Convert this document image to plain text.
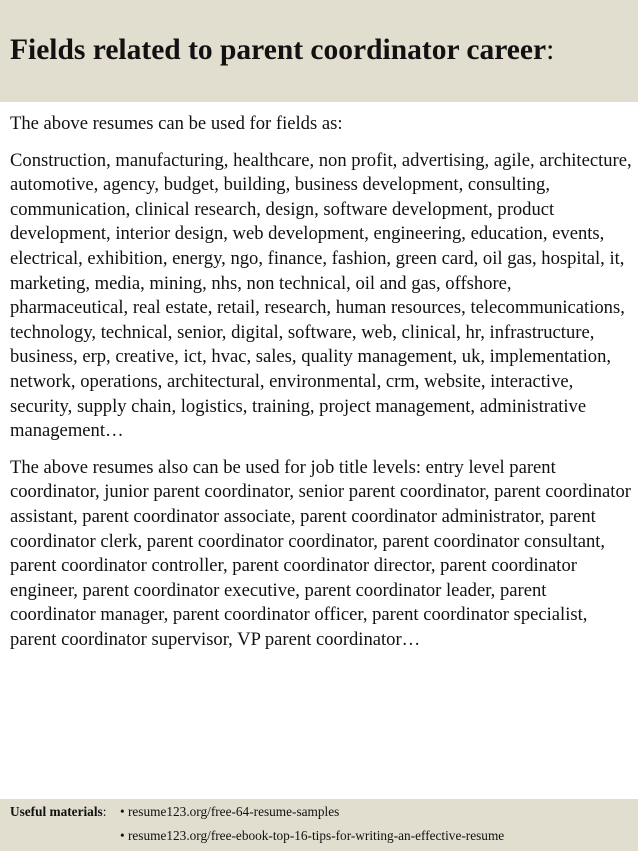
Fields related to parent coordinator career:

The above resumes can be used for fields as:

Construction, manufacturing, healthcare, non profit, advertising, agile, architecture, automotive, agency, budget, building, business development, consulting, communication, clinical research, design, software development, product development, interior design, web development, engineering, education, events, electrical, exhibition, energy, ngo, finance, fashion, green card, oil gas, hospital, it, marketing, media, mining, nhs, non technical, oil and gas, offshore, pharmaceutical, real estate, retail, research, human resources, telecommunications, technology, technical, senior, digital, software, web, clinical, hr, infrastructure, business, erp, creative, ict, hvac, sales, quality management, uk, implementation, network, operations, architectural, environmental, crm, website, interactive, security, supply chain, logistics, training, project management, administrative management…

The above resumes also can be used for job title levels: entry level parent coordinator, junior parent coordinator, senior parent coordinator, parent coordinator assistant, parent coordinator associate, parent coordinator administrator, parent coordinator clerk, parent coordinator coordinator, parent coordinator consultant, parent coordinator controller, parent coordinator director, parent coordinator engineer, parent coordinator executive, parent coordinator leader, parent coordinator manager, parent coordinator officer, parent coordinator specialist, parent coordinator supervisor, VP parent coordinator…

Useful materials: • resume123.org/free-64-resume-samples
• resume123.org/free-ebook-top-16-tips-for-writing-an-effective-resume
